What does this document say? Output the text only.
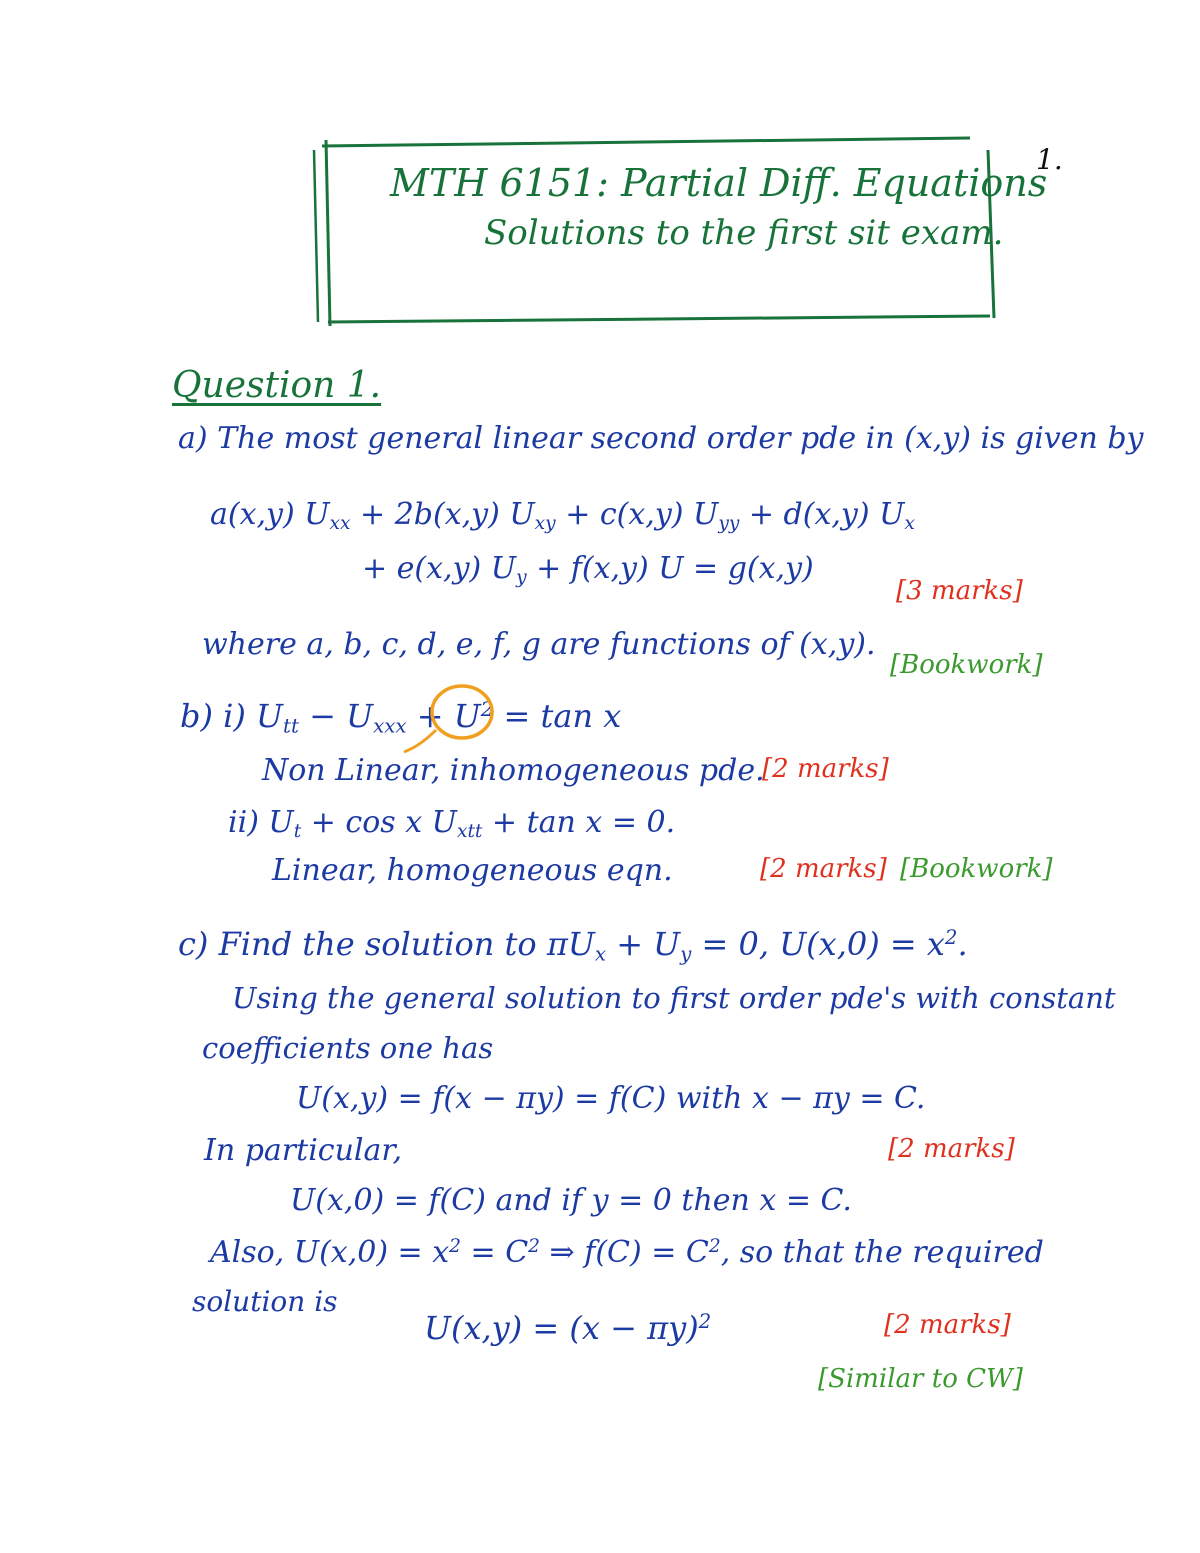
1.
MTH 6151: Partial Diff. Equations
Solutions to the first sit exam.
Question 1.
a) The most general linear second order pde in (x,y) is given by
a(x,y) $U_{xx} + 2b(x,y) U_{xy} + c(x,y) U_{yy} + d(x,y)$ $U_x$
+ e(x,y) $U_y + f(x,y) U = g(x,y)$
[3 marks]
where a, b, c, d, e, f, g are functions of (x,y).
[Bookwork]
b) i) $U_{tt} - U_{xxx} + U^2 = \tan x$
Non Linear, inhomogeneous pde.
[2 marks]
ii) $U_t + \cos x$ $U_{xtt} + \tan x = 0$.
Linear, homogeneous eqn.	[2 marks] [Bookwork]
c) Find the solution to $\pi U_x + U_y = 0$, $U(x,0) = x^2$.
Using the general solution to first order pde's with constant
coefficients one has
U(x,y) = f(x − πy) = f(C) with x − πy = C.
In particular,	[2 marks]
U(x,0) = f(C) and if y = 0 then x = C.
Also, $U(x,0) = x^2 = C^2$ ⇒ $f(C) = C^2$, so that the required
solution is
$U(x,y) = (x - \pi y)^2$	[2 marks]
[Similar to CW]
